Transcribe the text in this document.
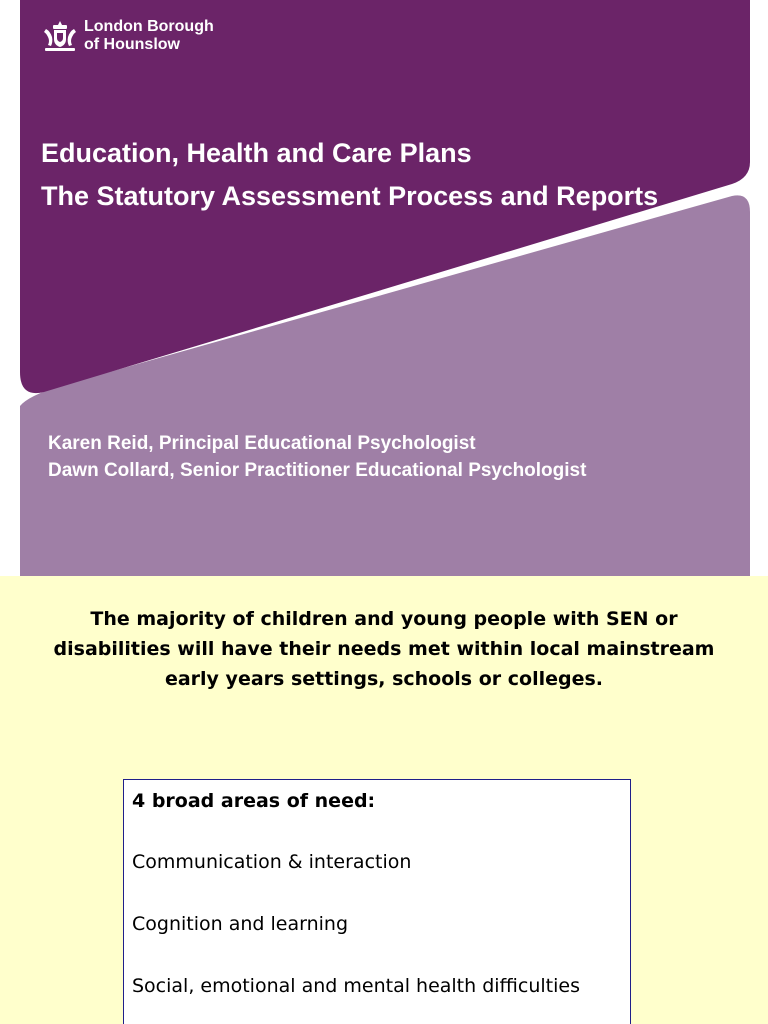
London Borough
of Hounslow
Education, Health and Care Plans
The Statutory Assessment Process and Reports
Karen Reid, Principal Educational Psychologist
Dawn Collard, Senior Practitioner Educational Psychologist

The majority of children and young people with SEN or disabilities will have their needs met within local mainstream early years settings, schools or colleges.

4 broad areas of need:

Communication & interaction

Cognition and learning

Social, emotional and mental health difficulties
